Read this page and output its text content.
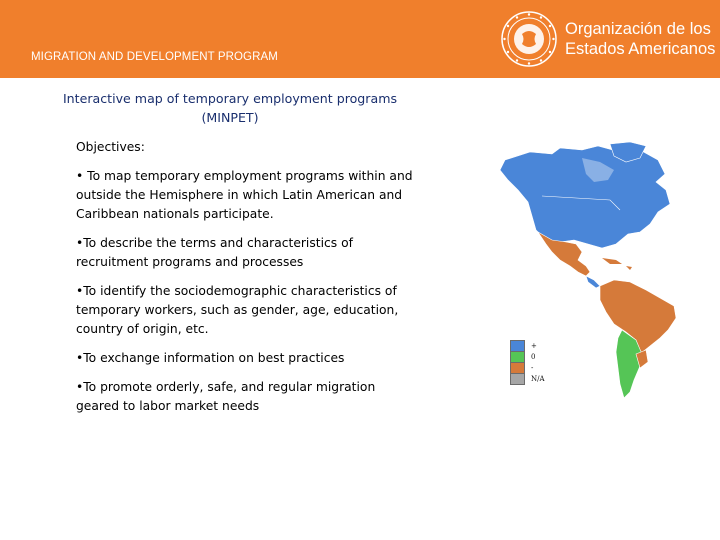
MIGRATION AND DEVELOPMENT PROGRAM
Organización de los
Estados Americanos
Interactive map of temporary employment programs
(MINPET)

Objectives:

• To map temporary employment programs within and outside the Hemisphere in which Latin American and Caribbean nationals participate.

•To describe the terms and characteristics of recruitment programs and processes

•To identify the sociodemographic characteristics of temporary workers, such as gender, age, education, country of origin, etc.

•To exchange information on best practices

•To promote orderly, safe, and regular migration geared to labor market needs

+
0
-
N/A
